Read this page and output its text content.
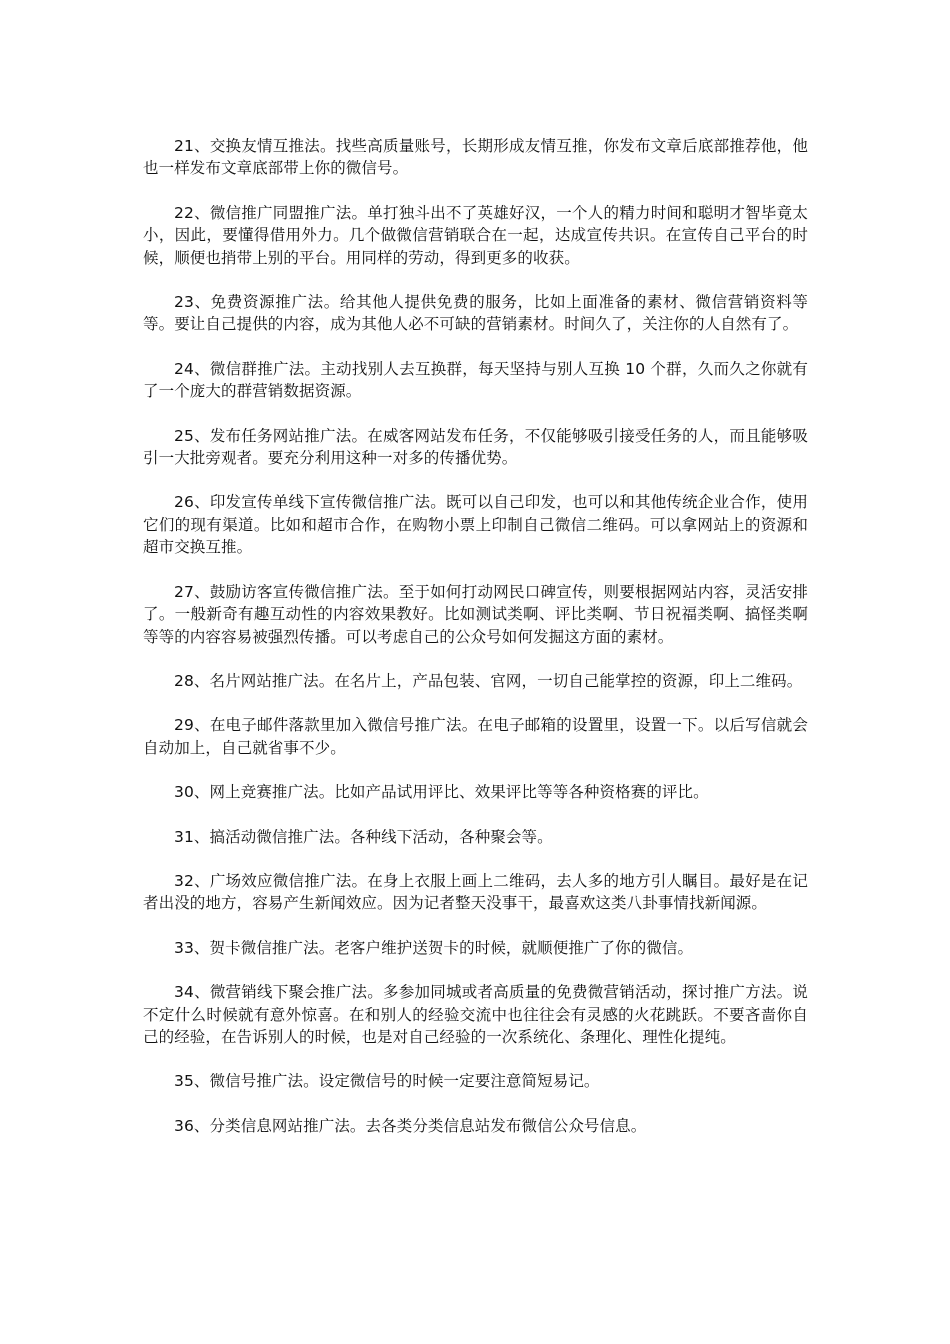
21、交换友情互推法。找些高质量账号，长期形成友情互推，你发布文章后底部推荐他，他也一样发布文章底部带上你的微信号。

22、微信推广同盟推广法。单打独斗出不了英雄好汉，一个人的精力时间和聪明才智毕竟太小，因此，要懂得借用外力。几个做微信营销联合在一起，达成宣传共识。在宣传自己平台的时候，顺便也捎带上别的平台。用同样的劳动，得到更多的收获。

23、免费资源推广法。给其他人提供免费的服务，比如上面准备的素材、微信营销资料等等。要让自己提供的内容，成为其他人必不可缺的营销素材。时间久了，关注你的人自然有了。

24、微信群推广法。主动找别人去互换群，每天坚持与别人互换 10 个群，久而久之你就有了一个庞大的群营销数据资源。

25、发布任务网站推广法。在威客网站发布任务，不仅能够吸引接受任务的人，而且能够吸引一大批旁观者。要充分利用这种一对多的传播优势。

26、印发宣传单线下宣传微信推广法。既可以自己印发，也可以和其他传统企业合作，使用它们的现有渠道。比如和超市合作，在购物小票上印制自己微信二维码。可以拿网站上的资源和超市交换互推。

27、鼓励访客宣传微信推广法。至于如何打动网民口碑宣传，则要根据网站内容，灵活安排了。一般新奇有趣互动性的内容效果教好。比如测试类啊、评比类啊、节日祝福类啊、搞怪类啊等等的内容容易被强烈传播。可以考虑自己的公众号如何发掘这方面的素材。

28、名片网站推广法。在名片上，产品包装、官网，一切自己能掌控的资源，印上二维码。

29、在电子邮件落款里加入微信号推广法。在电子邮箱的设置里，设置一下。以后写信就会自动加上，自己就省事不少。

30、网上竞赛推广法。比如产品试用评比、效果评比等等各种资格赛的评比。

31、搞活动微信推广法。各种线下活动，各种聚会等。

32、广场效应微信推广法。在身上衣服上画上二维码，去人多的地方引人瞩目。最好是在记者出没的地方，容易产生新闻效应。因为记者整天没事干，最喜欢这类八卦事情找新闻源。

33、贺卡微信推广法。老客户维护送贺卡的时候，就顺便推广了你的微信。

34、微营销线下聚会推广法。多参加同城或者高质量的免费微营销活动，探讨推广方法。说不定什么时候就有意外惊喜。在和别人的经验交流中也往往会有灵感的火花跳跃。不要吝啬你自己的经验，在告诉别人的时候，也是对自己经验的一次系统化、条理化、理性化提纯。

35、微信号推广法。设定微信号的时候一定要注意简短易记。

36、分类信息网站推广法。去各类分类信息站发布微信公众号信息。
